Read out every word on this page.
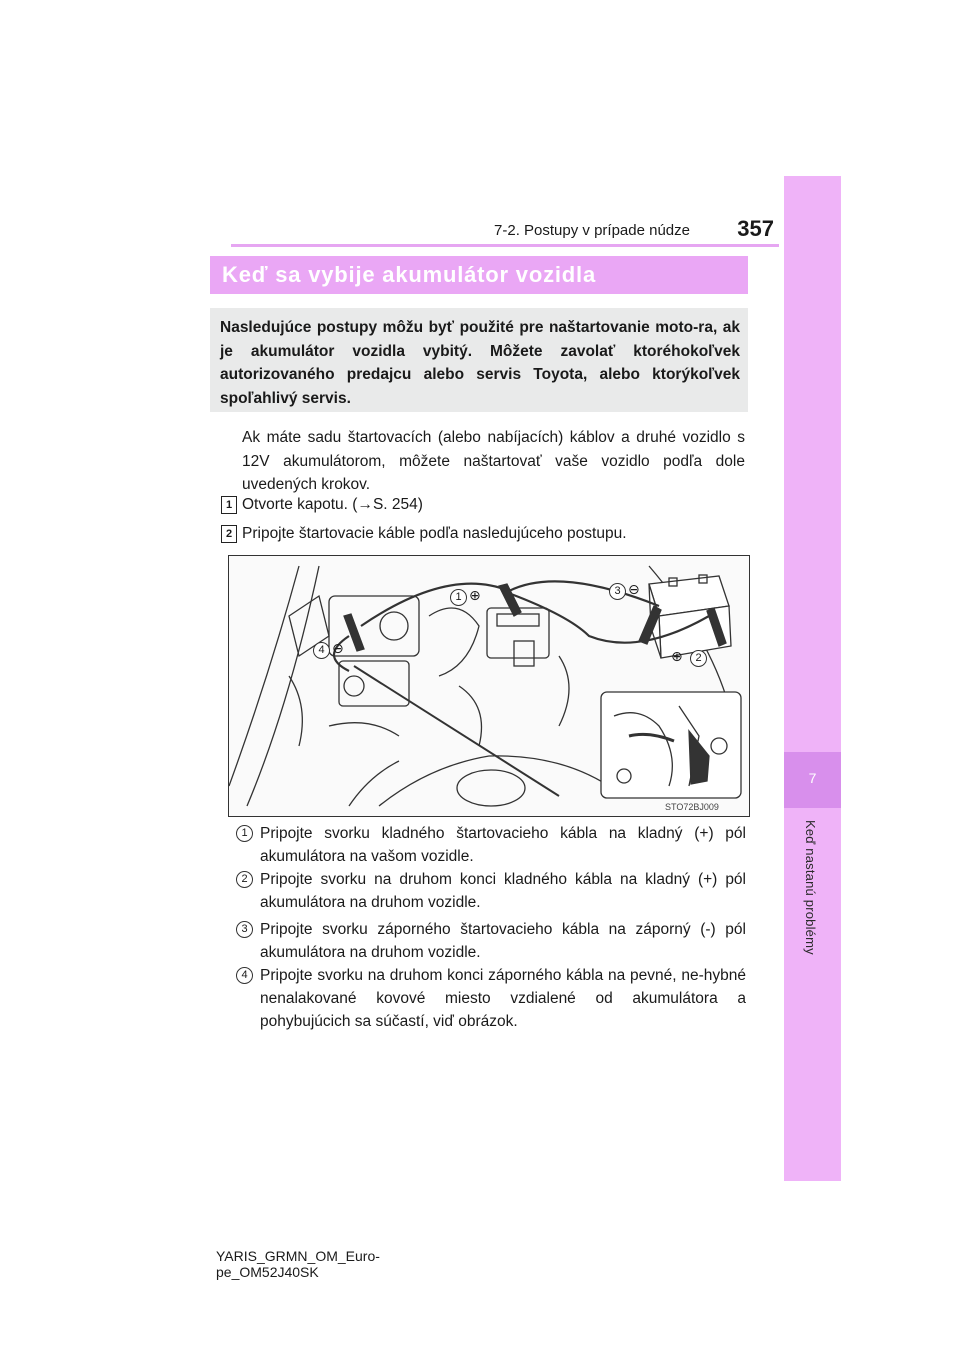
7-2. Postupy v prípade núdze	357
7
Keď nastanú problémy
Keď sa vybije akumulátor vozidla

Nasledujúce postupy môžu byť použité pre naštartovanie moto-ra, ak je akumulátor vozidla vybitý. Môžete zavolať ktoréhokoľvek autorizovaného predajcu alebo servis Toyota, alebo ktorýkoľvek spoľahlivý servis.

Ak máte sadu štartovacích (alebo nabíjacích) káblov a druhé vozidlo s 12V akumulátorom, môžete naštartovať vaše vozidlo podľa dole uvedených krokov.

1 Otvorte kapotu. (→S. 254)

2 Pripojte štartovacie káble podľa nasledujúceho postupu.

1 ⊕	3 ⊖
⊕	2
4 ⊖
STO72BJ009
1 Pripojte svorku kladného štartovacieho kábla na kladný (+) pól akumulátora na vašom vozidle.

2 Pripojte svorku na druhom konci kladného kábla na kladný (+) pól akumulátora na druhom vozidle.

3 Pripojte svorku záporného štartovacieho kábla na záporný (-) pól akumulátora na druhom vozidle.

4 Pripojte svorku na druhom konci záporného kábla na pevné, ne-hybné nenalakované kovové miesto vzdialené od akumulátora a pohybujúcich sa súčastí, viď obrázok.

YARIS_GRMN_OM_Euro-
pe_OM52J40SK
